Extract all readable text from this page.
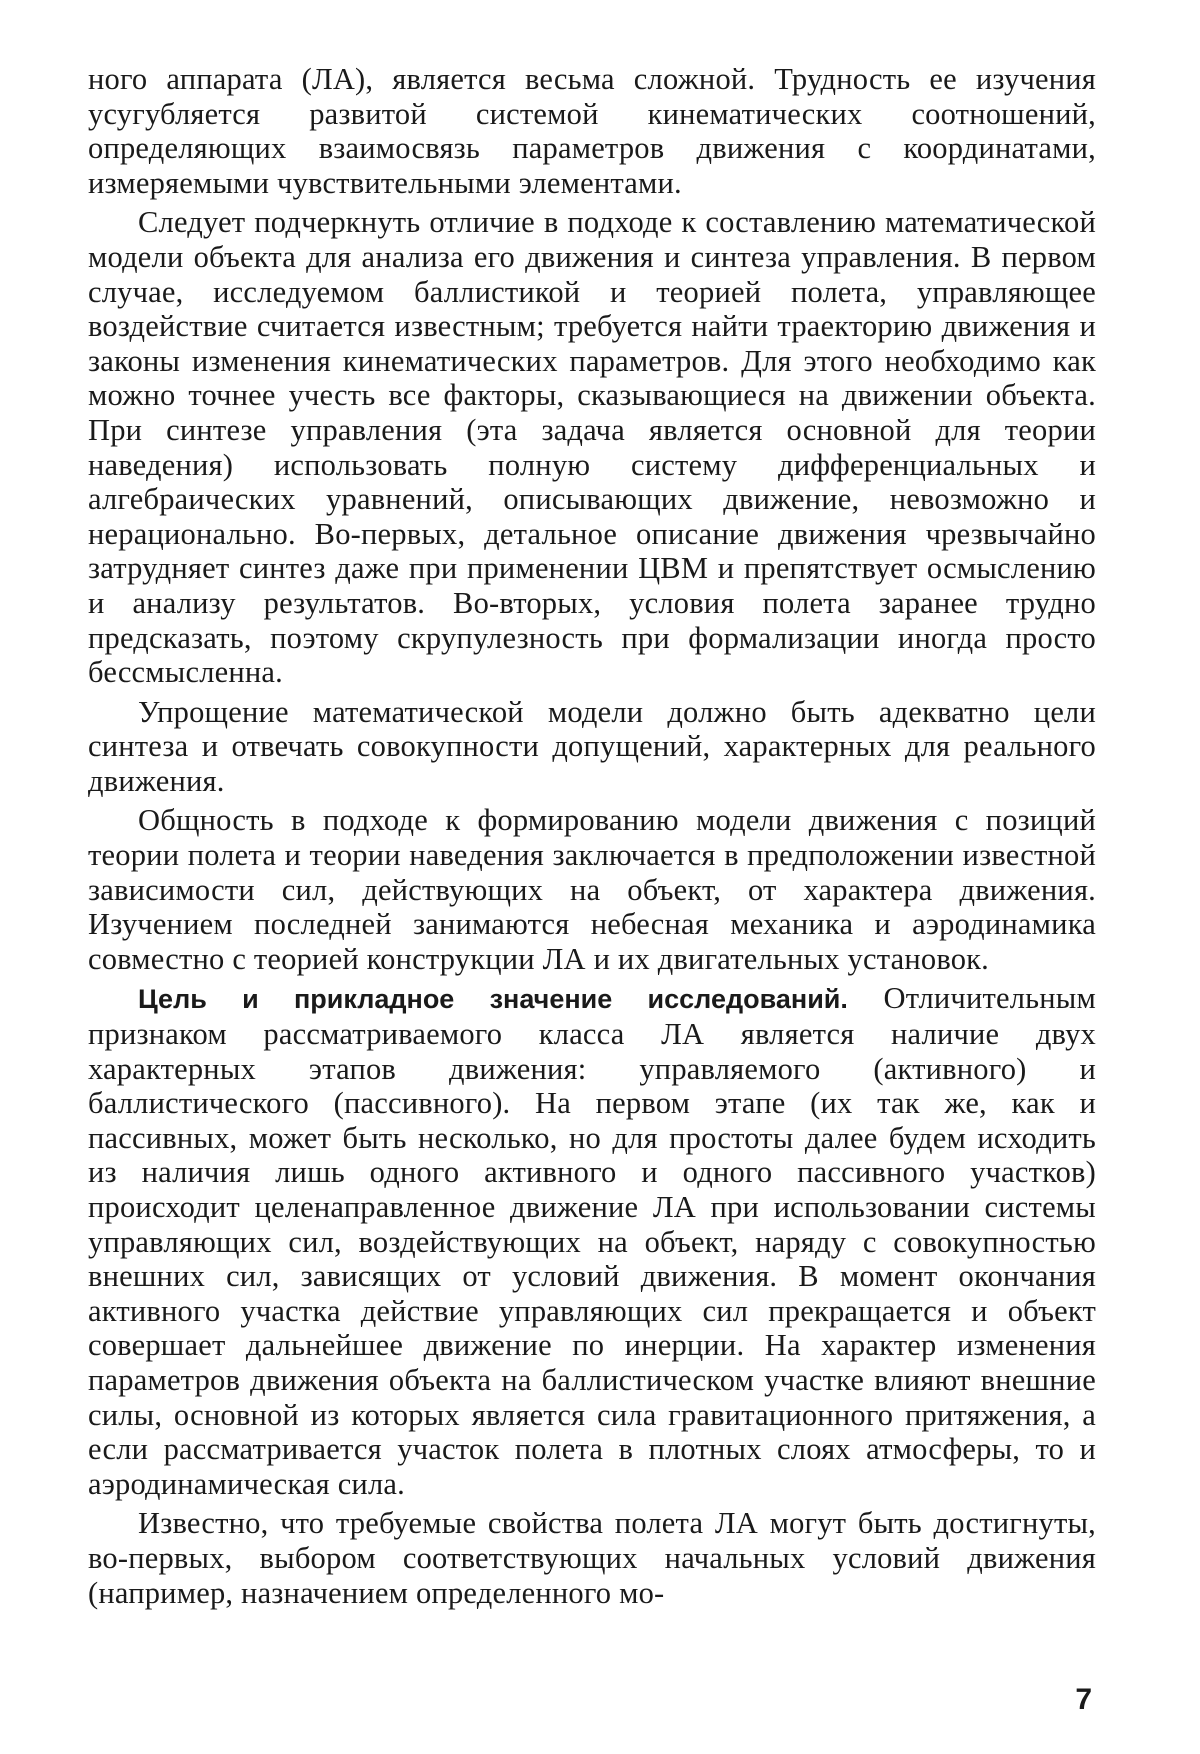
ного аппарата (ЛА), является весьма сложной. Трудность ее изучения усугубляется развитой системой кинематических соотношений, определяющих взаимосвязь параметров движения с координатами, измеряемыми чувствительными элементами.

Следует подчеркнуть отличие в подходе к составлению математической модели объекта для анализа его движения и синтеза управления. В первом случае, исследуемом баллистикой и теорией полета, управляющее воздействие считается известным; требуется найти траекторию движения и законы изменения кинематических параметров. Для этого необходимо как можно точнее учесть все факторы, сказывающиеся на движении объекта. При синтезе управления (эта задача является основной для теории наведения) использовать полную систему дифференциальных и алгебраических уравнений, описывающих движение, невозможно и нерационально. Во-первых, детальное описание движения чрезвычайно затрудняет синтез даже при применении ЦВМ и препятствует осмыслению и анализу результатов. Во-вторых, условия полета заранее трудно предсказать, поэтому скрупулезность при формализации иногда просто бессмысленна.

Упрощение математической модели должно быть адекватно цели синтеза и отвечать совокупности допущений, характерных для реального движения.

Общность в подходе к формированию модели движения с позиций теории полета и теории наведения заключается в предположении известной зависимости сил, действующих на объект, от характера движения. Изучением последней занимаются небесная механика и аэродинамика совместно с теорией конструкции ЛА и их двигательных установок.

Цель и прикладное значение исследований. Отличительным признаком рассматриваемого класса ЛА является наличие двух характерных этапов движения: управляемого (активного) и баллистического (пассивного). На первом этапе (их так же, как и пассивных, может быть несколько, но для простоты далее будем исходить из наличия лишь одного активного и одного пассивного участков) происходит целенаправленное движение ЛА при использовании системы управляющих сил, воздействующих на объект, наряду с совокупностью внешних сил, зависящих от условий движения. В момент окончания активного участка действие управляющих сил прекращается и объект совершает дальнейшее движение по инерции. На характер изменения параметров движения объекта на баллистическом участке влияют внешние силы, основной из которых является сила гравитационного притяжения, а если рассматривается участок полета в плотных слоях атмосферы, то и аэродинамическая сила.

Известно, что требуемые свойства полета ЛА могут быть достигнуты, во-первых, выбором соответствующих начальных условий движения (например, назначением определенного мо-

7
